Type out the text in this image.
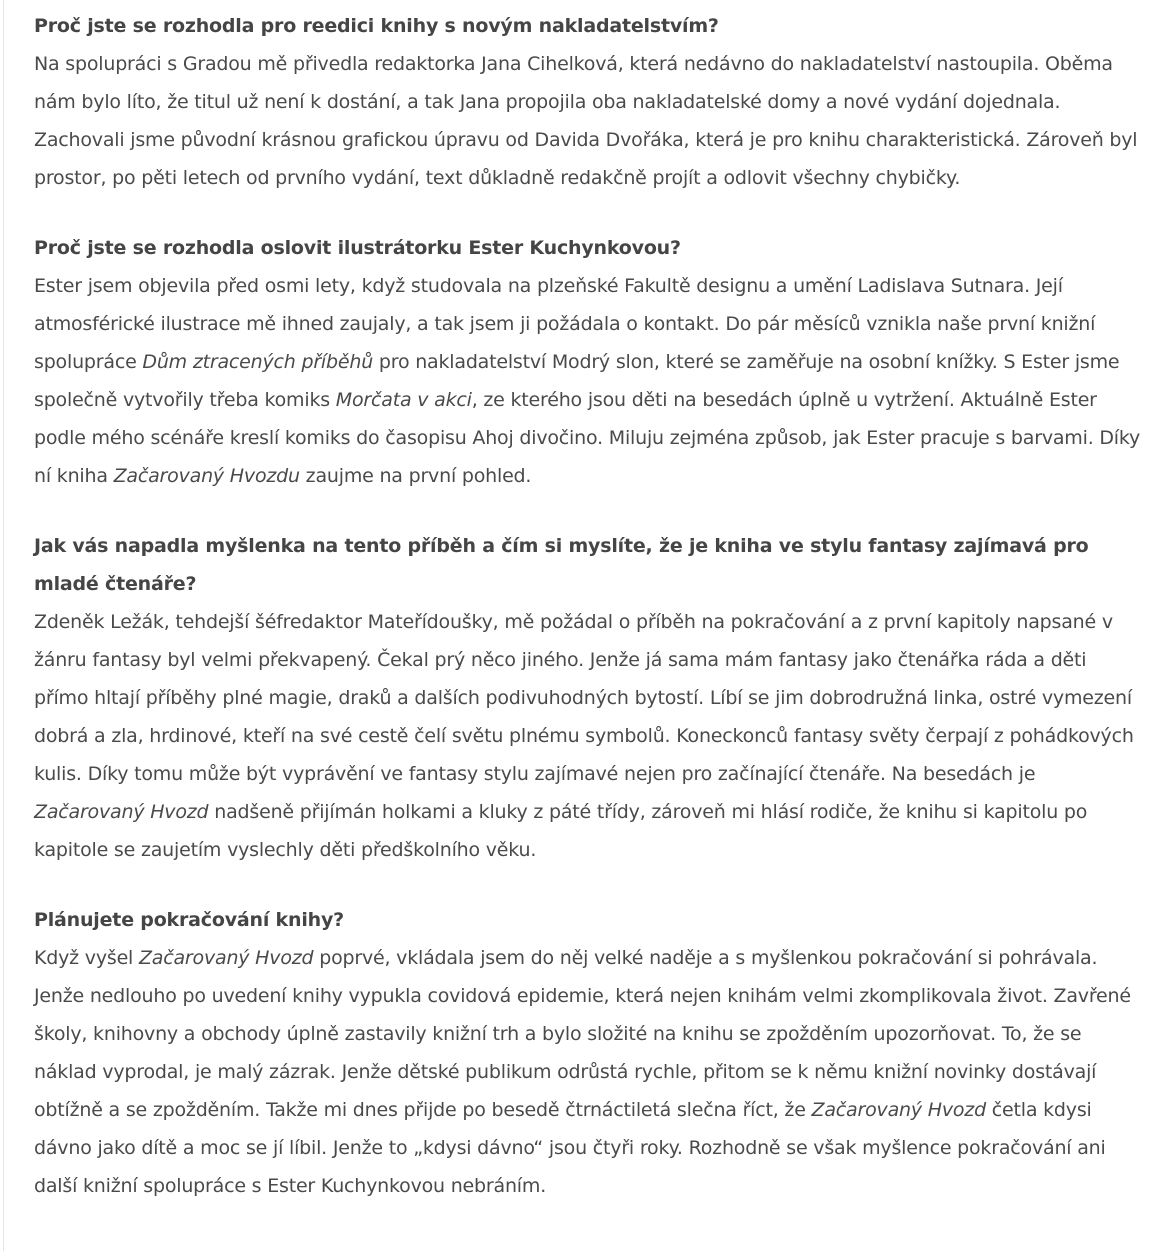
Proč jste se rozhodla pro reedici knihy s novým nakladatelstvím?

Na spolupráci s Gradou mě přivedla redaktorka Jana Cihelková, která nedávno do nakladatelství nastoupila. Oběma nám bylo líto, že titul už není k dostání, a tak Jana propojila oba nakladatelské domy a nové vydání dojednala. Zachovali jsme původní krásnou grafickou úpravu od Davida Dvořáka, která je pro knihu charakteristická. Zároveň byl prostor, po pěti letech od prvního vydání, text důkladně redakčně projít a odlovit všechny chybičky.

Proč jste se rozhodla oslovit ilustrátorku Ester Kuchynkovou?

Ester jsem objevila před osmi lety, když studovala na plzeňské Fakultě designu a umění Ladislava Sutnara. Její atmosférické ilustrace mě ihned zaujaly, a tak jsem ji požádala o kontakt. Do pár měsíců vznikla naše první knižní spolupráce Dům ztracených příběhů pro nakladatelství Modrý slon, které se zaměřuje na osobní knížky. S Ester jsme společně vytvořily třeba komiks Morčata v akci, ze kterého jsou děti na besedách úplně u vytržení. Aktuálně Ester podle mého scénáře kreslí komiks do časopisu Ahoj divočino. Miluju zejména způsob, jak Ester pracuje s barvami. Díky ní kniha Začarovaný Hvozdu zaujme na první pohled.

Jak vás napadla myšlenka na tento příběh a čím si myslíte, že je kniha ve stylu fantasy zajímavá pro mladé čtenáře?

Zdeněk Ležák, tehdejší šéfredaktor Mateřídoušky, mě požádal o příběh na pokračování a z první kapitoly napsané v žánru fantasy byl velmi překvapený. Čekal prý něco jiného. Jenže já sama mám fantasy jako čtenářka ráda a děti přímo hltají příběhy plné magie, draků a dalších podivuhodných bytostí. Líbí se jim dobrodružná linka, ostré vymezení dobrá a zla, hrdinové, kteří na své cestě čelí světu plnému symbolů. Koneckonců fantasy světy čerpají z pohádkových kulis. Díky tomu může být vyprávění ve fantasy stylu zajímavé nejen pro začínající čtenáře. Na besedách je Začarovaný Hvozd nadšeně přijímán holkami a kluky z páté třídy, zároveň mi hlásí rodiče, že knihu si kapitolu po kapitole se zaujetím vyslechly děti předškolního věku.

Plánujete pokračování knihy?

Když vyšel Začarovaný Hvozd poprvé, vkládala jsem do něj velké naděje a s myšlenkou pokračování si pohrávala. Jenže nedlouho po uvedení knihy vypukla covidová epidemie, která nejen knihám velmi zkomplikovala život. Zavřené školy, knihovny a obchody úplně zastavily knižní trh a bylo složité na knihu se zpožděním upozorňovat. To, že se náklad vyprodal, je malý zázrak. Jenže dětské publikum odrůstá rychle, přitom se k němu knižní novinky dostávají obtížně a se zpožděním. Takže mi dnes přijde po besedě čtrnáctiletá slečna říct, že Začarovaný Hvozd četla kdysi dávno jako dítě a moc se jí líbil. Jenže to „kdysi dávno“ jsou čtyři roky. Rozhodně se však myšlence pokračování ani další knižní spolupráce s Ester Kuchynkovou nebráním.
